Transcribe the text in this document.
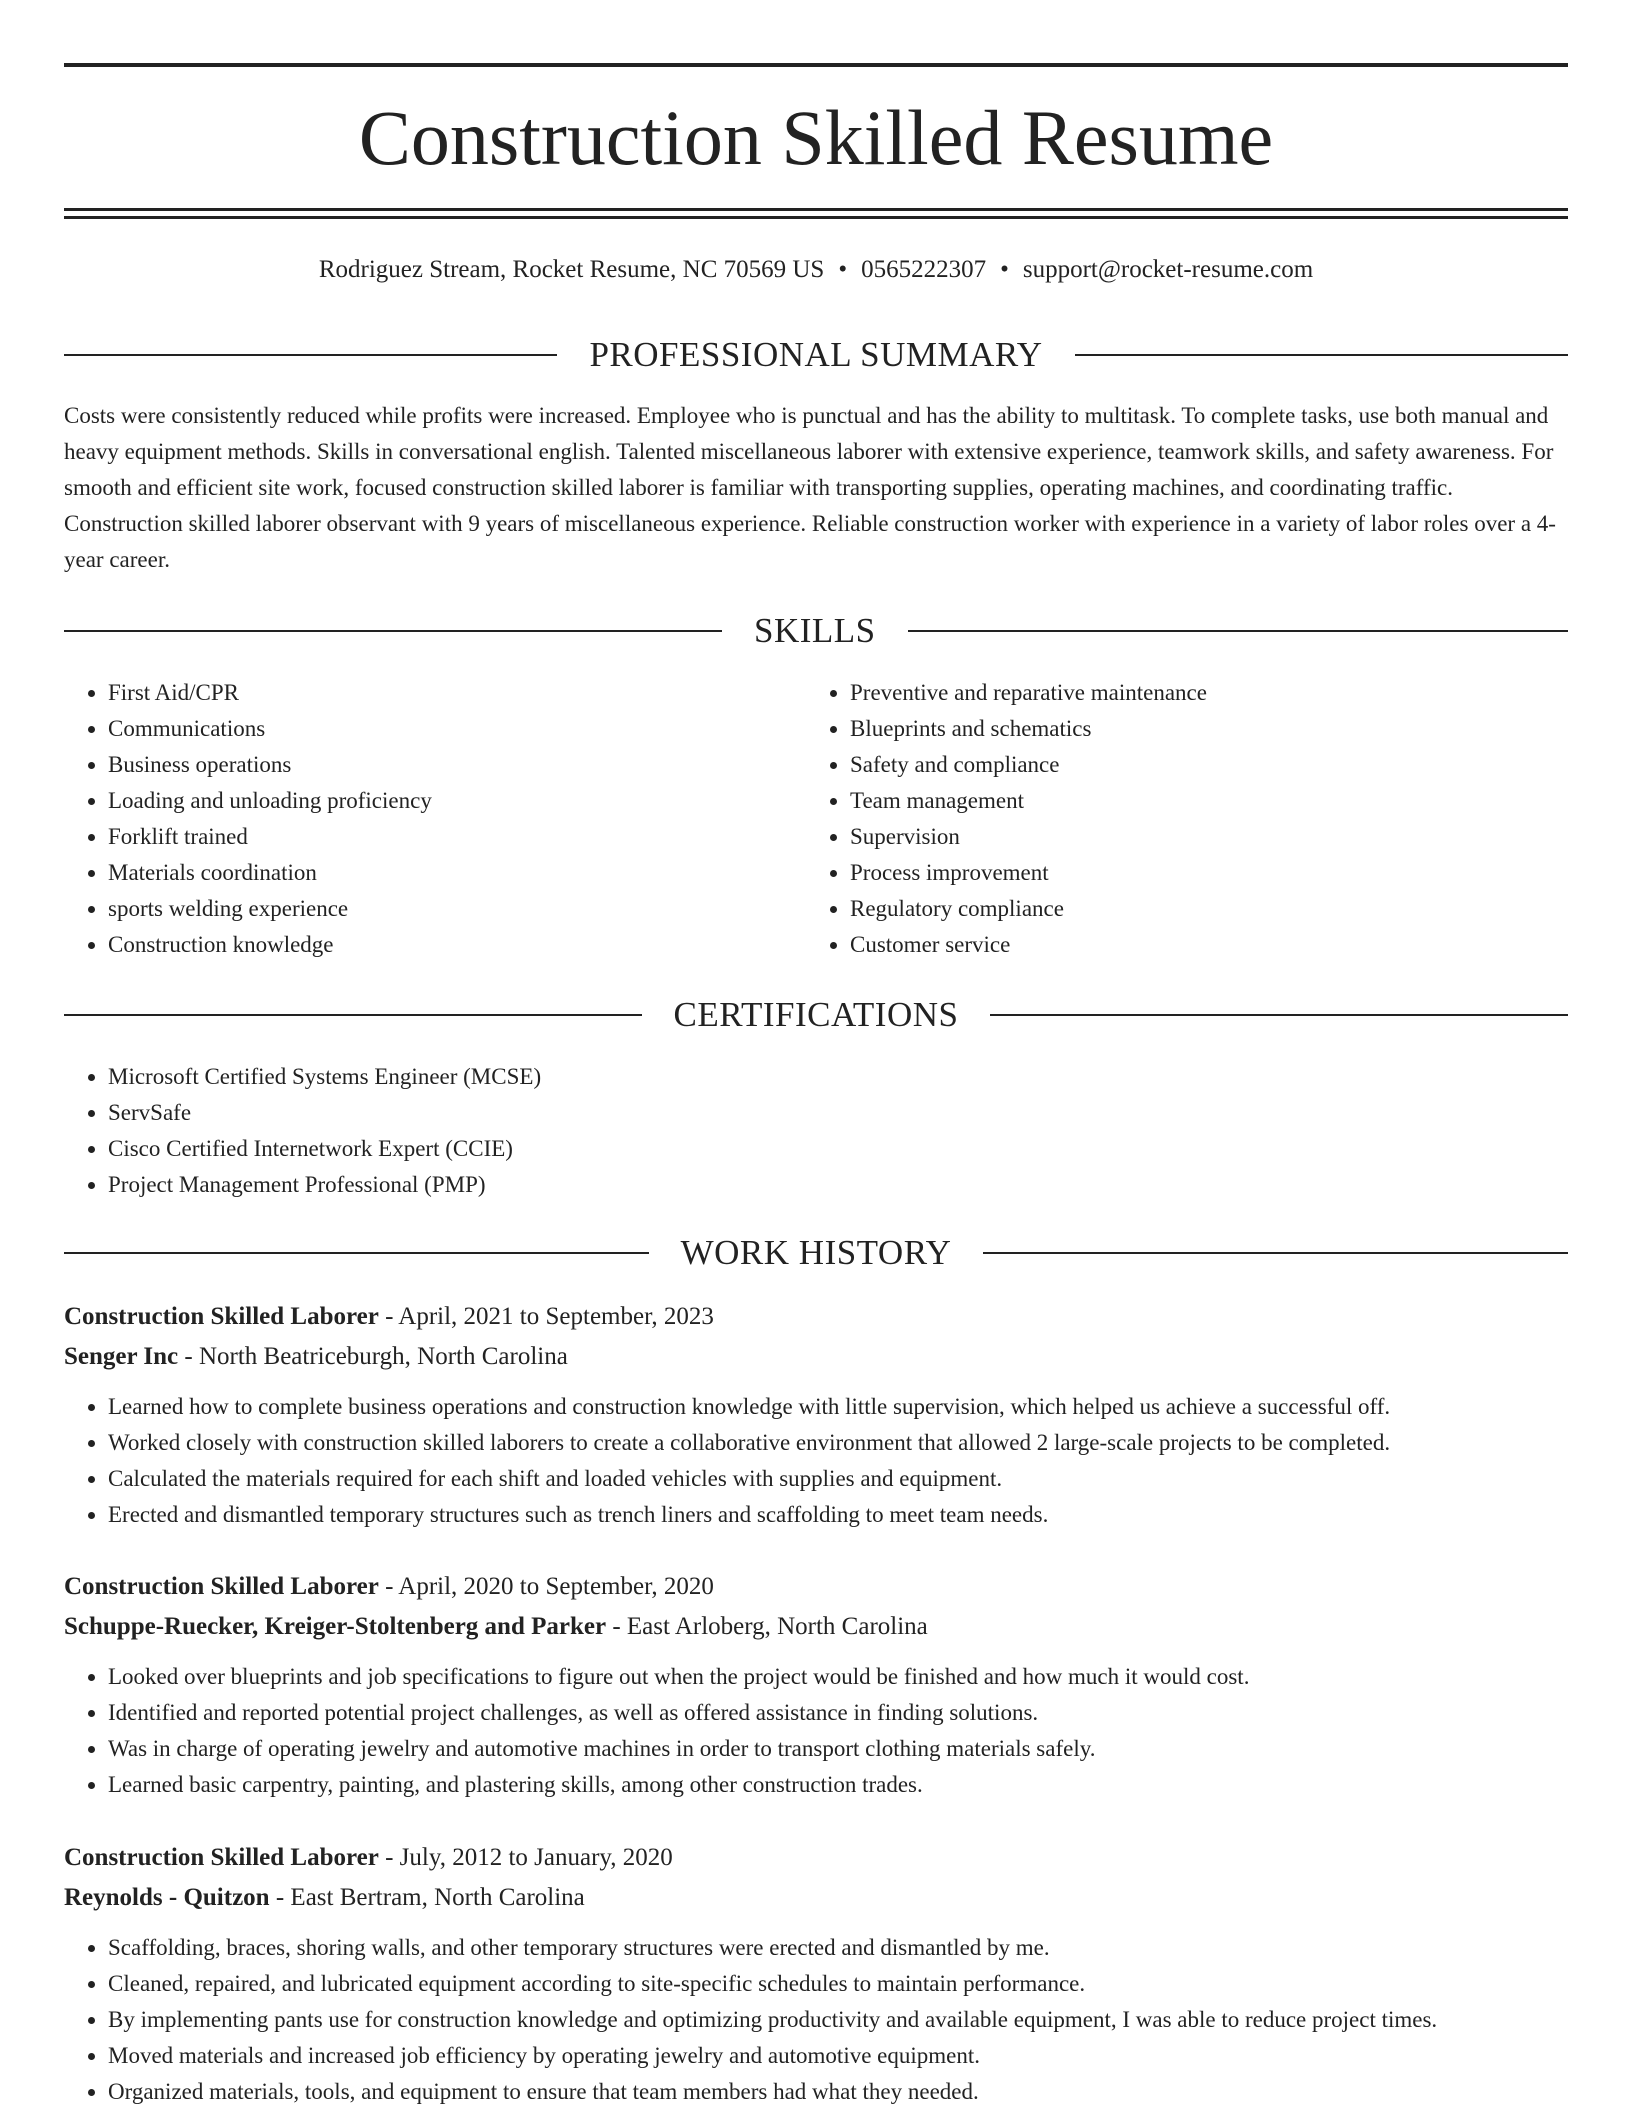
Construction Skilled Resume
Rodriguez Stream, Rocket Resume, NC 70569 US • 0565222307 • support@rocket-resume.com
PROFESSIONAL SUMMARY

Costs were consistently reduced while profits were increased. Employee who is punctual and has the ability to multitask. To complete tasks, use both manual and heavy equipment methods. Skills in conversational english. Talented miscellaneous laborer with extensive experience, teamwork skills, and safety awareness. For smooth and efficient site work, focused construction skilled laborer is familiar with transporting supplies, operating machines, and coordinating traffic. Construction skilled laborer observant with 9 years of miscellaneous experience. Reliable construction worker with experience in a variety of labor roles over a 4-year career.

SKILLS
• First Aid/CPR
• Communications
• Business operations
• Loading and unloading proficiency
• Forklift trained
• Materials coordination
• sports welding experience
• Construction knowledge
• Preventive and reparative maintenance
• Blueprints and schematics
• Safety and compliance
• Team management
• Supervision
• Process improvement
• Regulatory compliance
• Customer service
CERTIFICATIONS
• Microsoft Certified Systems Engineer (MCSE)
• ServSafe
• Cisco Certified Internetwork Expert (CCIE)
• Project Management Professional (PMP)
WORK HISTORY
Construction Skilled Laborer - April, 2021 to September, 2023
Senger Inc - North Beatriceburgh, North Carolina
• Learned how to complete business operations and construction knowledge with little supervision, which helped us achieve a successful off.
• Worked closely with construction skilled laborers to create a collaborative environment that allowed 2 large-scale projects to be completed.
• Calculated the materials required for each shift and loaded vehicles with supplies and equipment.
• Erected and dismantled temporary structures such as trench liners and scaffolding to meet team needs.
Construction Skilled Laborer - April, 2020 to September, 2020
Schuppe-Ruecker, Kreiger-Stoltenberg and Parker - East Arloberg, North Carolina
• Looked over blueprints and job specifications to figure out when the project would be finished and how much it would cost.
• Identified and reported potential project challenges, as well as offered assistance in finding solutions.
• Was in charge of operating jewelry and automotive machines in order to transport clothing materials safely.
• Learned basic carpentry, painting, and plastering skills, among other construction trades.
Construction Skilled Laborer - July, 2012 to January, 2020
Reynolds - Quitzon - East Bertram, North Carolina
• Scaffolding, braces, shoring walls, and other temporary structures were erected and dismantled by me.
• Cleaned, repaired, and lubricated equipment according to site-specific schedules to maintain performance.
• By implementing pants use for construction knowledge and optimizing productivity and available equipment, I was able to reduce project times.
• Moved materials and increased job efficiency by operating jewelry and automotive equipment.
• Organized materials, tools, and equipment to ensure that team members had what they needed.
